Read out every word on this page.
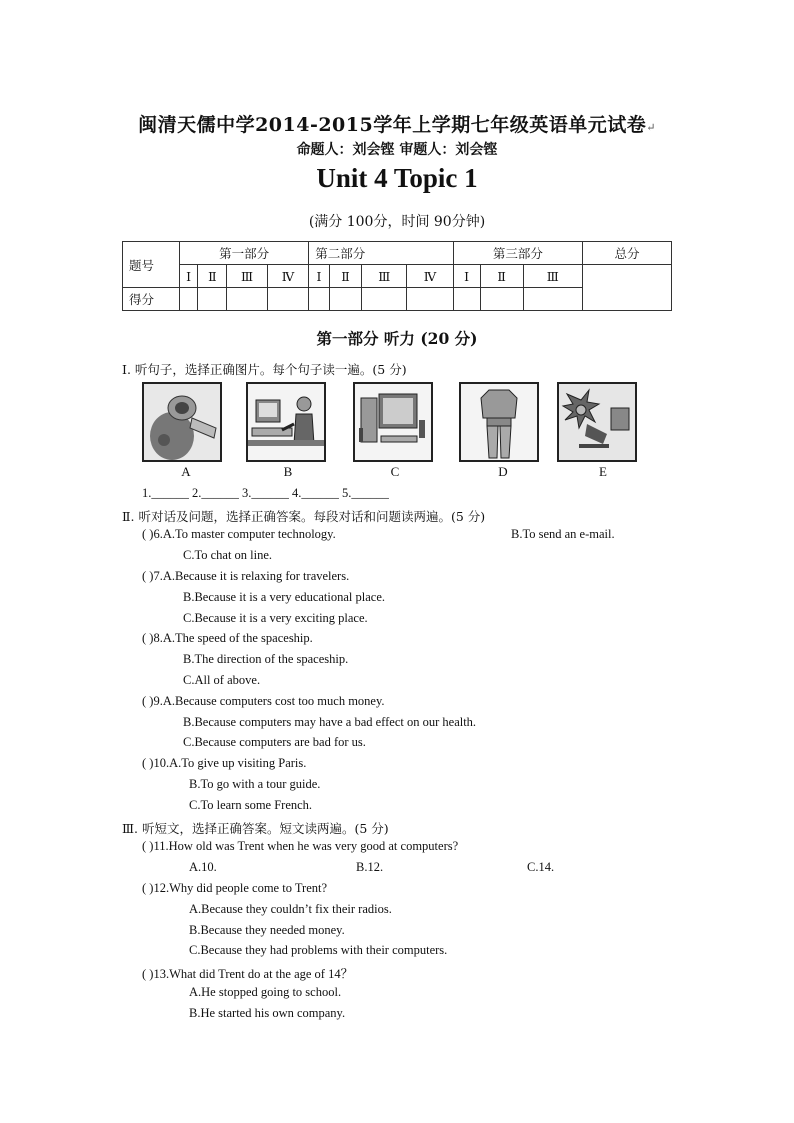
闽清天儒中学2014-2015学年上学期七年级英语单元试卷↵
命题人：刘会铿 审题人：刘会铿
Unit 4 Topic 1
(满分 100分，时间 90分钟)
题号	第一部分				第二部分				第三部分			总分
	Ⅰ	Ⅱ	Ⅲ	Ⅳ	Ⅰ	Ⅱ	Ⅲ	Ⅳ	Ⅰ	Ⅱ	Ⅲ	
得分												
第一部分 听力 (20 分)
Ⅰ. 听句子，选择正确图片。每个句子读一遍。(5 分)
A	B	C	D	E
1.______ 2.______ 3.______ 4.______ 5.______
Ⅱ. 听对话及问题，选择正确答案。每段对话和问题读两遍。(5 分)
( )6.A.To master computer technology.	B.To send an e-mail.
C.To chat on line.
( )7.A.Because it is relaxing for travelers.
B.Because it is a very educational place.
C.Because it is a very exciting place.
( )8.A.The speed of the spaceship.
B.The direction of the spaceship.
C.All of above.
( )9.A.Because computers cost too much money.
B.Because computers may have a bad effect on our health.
C.Because computers are bad for us.
( )10.A.To give up visiting Paris.
B.To go with a tour guide.
C.To learn some French.
Ⅲ. 听短文，选择正确答案。短文读两遍。(5 分)
( )11.How old was Trent when he was very good at computers?
A.10.	B.12.	C.14.
( )12.Why did people come to Trent?
A.Because they couldn’t fix their radios.
B.Because they needed money.
C.Because they had problems with their computers.
( )13.What did Trent do at the age of 14？
A.He stopped going to school.
B.He started his own company.
